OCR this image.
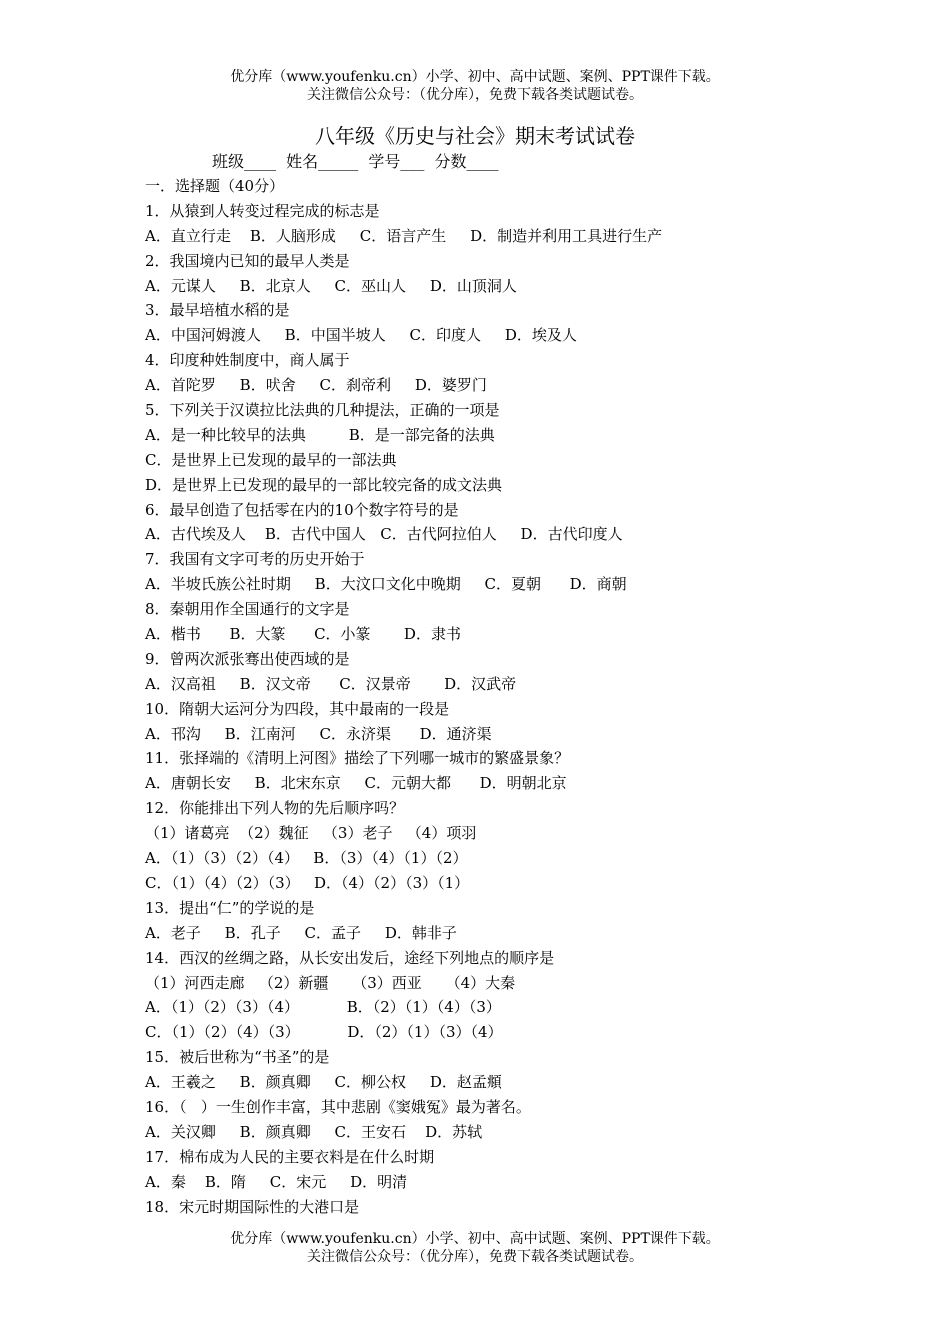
优分库（www.youfenku.cn）小学、初中、高中试题、案例、PPT课件下载。
关注微信公众号：（优分库），免费下载各类试题试卷。
八年级《历史与社会》期末考试试卷
班级____  姓名_____  学号___  分数____
一．选择题（40分）
1．从猿到人转变过程完成的标志是
A．直立行走    B．人脑形成     C．语言产生     D．制造并利用工具进行生产
2．我国境内已知的最早人类是
A．元谋人     B．北京人     C．巫山人     D．山顶洞人
3．最早培植水稻的是
A．中国河姆渡人     B．中国半坡人     C．印度人     D．埃及人
4．印度种姓制度中，商人属于
A．首陀罗     B．吠舍     C．刹帝利     D．婆罗门
5．下列关于汉谟拉比法典的几种提法，正确的一项是
A．是一种比较早的法典         B．是一部完备的法典
C．是世界上已发现的最早的一部法典
D．是世界上已发现的最早的一部比较完备的成文法典
6．最早创造了包括零在内的10个数字符号的是
A．古代埃及人    B．古代中国人   C．古代阿拉伯人     D．古代印度人
7．我国有文字可考的历史开始于
A．半坡氏族公社时期     B．大汶口文化中晚期     C．夏朝      D．商朝
8．秦朝用作全国通行的文字是
A．楷书      B．大篆      C．小篆       D．隶书
9．曾两次派张骞出使西域的是
A．汉高祖     B．汉文帝      C．汉景帝       D．汉武帝
10．隋朝大运河分为四段，其中最南的一段是
A．邗沟     B．江南河     C．永济渠      D．通济渠
11．张择端的《清明上河图》描绘了下列哪一城市的繁盛景象？
A．唐朝长安     B．北宋东京     C．元朝大都      D．明朝北京
12．你能排出下列人物的先后顺序吗？
（1）诸葛亮  （2）魏征   （3）老子   （4）项羽
A．（1）（3）（2）（4）   B．（3）（4）（1）（2）
C．（1）（4）（2）（3）   D．（4）（2）（3）（1）
13．提出“仁”的学说的是
A．老子     B．孔子     C．孟子     D．韩非子
14．西汉的丝绸之路，从长安出发后，途经下列地点的顺序是
（1）河西走廊   （2）新疆     （3）西亚     （4）大秦
A．（1）（2）（3）（4）          B．（2）（1）（4）（3）
C．（1）（2）（4）（3）          D．（2）（1）（3）（4）
15．被后世称为“书圣”的是
A．王羲之     B．颜真卿     C．柳公权     D．赵孟頫
16．（   ）一生创作丰富，其中悲剧《窦娥冤》最为著名。
A．关汉卿     B．颜真卿     C．王安石    D．苏轼
17．棉布成为人民的主要衣料是在什么时期
A．秦    B．隋     C．宋元     D．明清
18．宋元时期国际性的大港口是
优分库（www.youfenku.cn）小学、初中、高中试题、案例、PPT课件下载。
关注微信公众号：（优分库），免费下载各类试题试卷。
